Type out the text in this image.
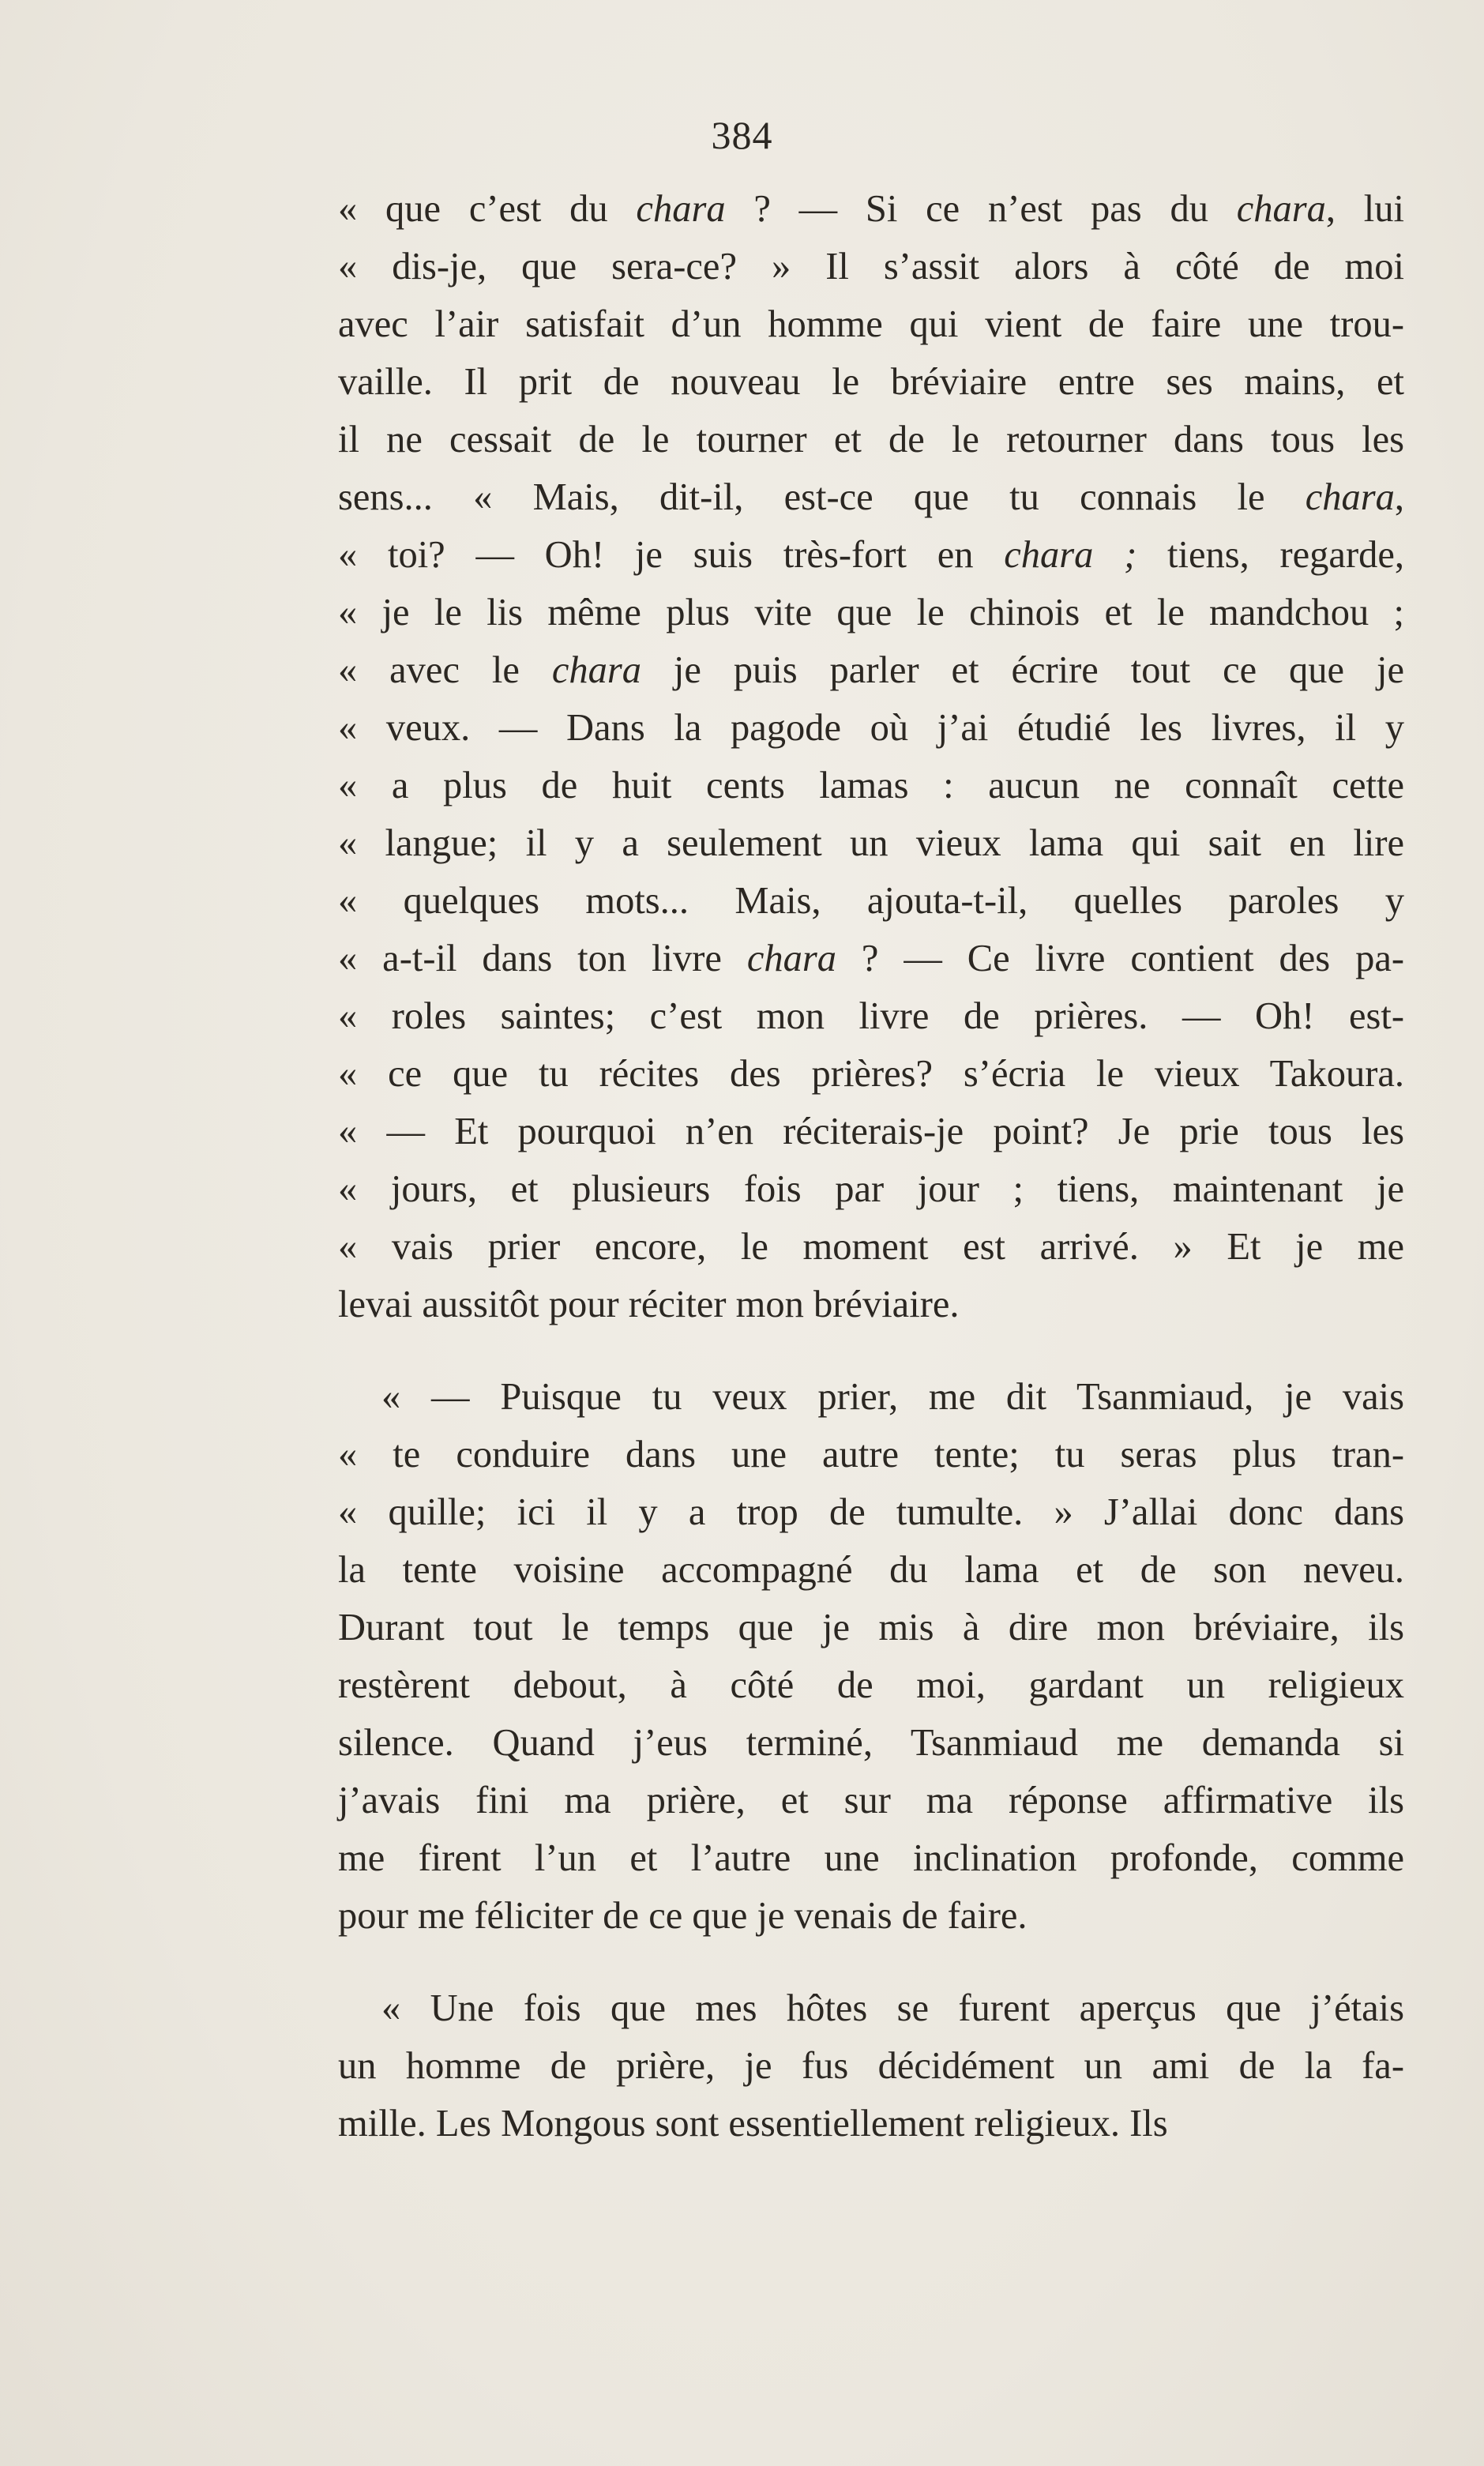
384
« que c’est du chara ? — Si ce n’est pas du chara, lui
« dis-je, que sera-ce? » Il s’assit alors à côté de moi
avec l’air satisfait d’un homme qui vient de faire une trou-
vaille. Il prit de nouveau le bréviaire entre ses mains, et
il ne cessait de le tourner et de le retourner dans tous les
sens... « Mais, dit-il, est-ce que tu connais le chara,
« toi? — Oh! je suis très-fort en chara ; tiens, regarde,
« je le lis même plus vite que le chinois et le mandchou ;
« avec le chara je puis parler et écrire tout ce que je
« veux. — Dans la pagode où j’ai étudié les livres, il y
« a plus de huit cents lamas : aucun ne connaît cette
« langue; il y a seulement un vieux lama qui sait en lire
« quelques mots... Mais, ajouta-t-il, quelles paroles y
« a-t-il dans ton livre chara ? — Ce livre contient des pa-
« roles saintes; c’est mon livre de prières. — Oh! est-
« ce que tu récites des prières? s’écria le vieux Takoura.
« — Et pourquoi n’en réciterais-je point? Je prie tous les
« jours, et plusieurs fois par jour ; tiens, maintenant je
« vais prier encore, le moment est arrivé. » Et je me
levai aussitôt pour réciter mon bréviaire.
« — Puisque tu veux prier, me dit Tsanmiaud, je vais
« te conduire dans une autre tente; tu seras plus tran-
« quille; ici il y a trop de tumulte. » J’allai donc dans
la tente voisine accompagné du lama et de son neveu.
Durant tout le temps que je mis à dire mon bréviaire, ils
restèrent debout, à côté de moi, gardant un religieux
silence. Quand j’eus terminé, Tsanmiaud me demanda si
j’avais fini ma prière, et sur ma réponse affirmative ils
me firent l’un et l’autre une inclination profonde, comme
pour me féliciter de ce que je venais de faire.
« Une fois que mes hôtes se furent aperçus que j’étais
un homme de prière, je fus décidément un ami de la fa-
mille. Les Mongous sont essentiellement religieux. Ils
